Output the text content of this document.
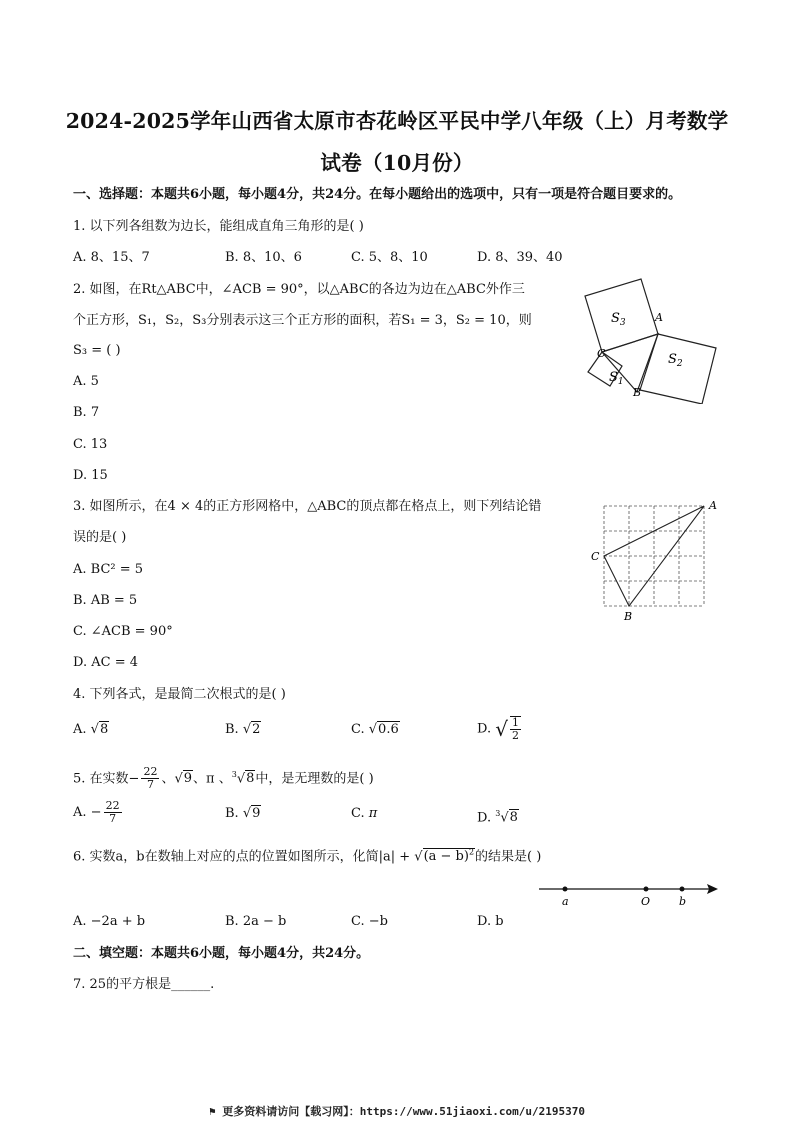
2024-2025学年山西省太原市杏花岭区平民中学八年级（上）月考数学
试卷（10月份）
一、选择题：本题共6小题，每小题4分，共24分。在每小题给出的选项中，只有一项是符合题目要求的。
1. 以下列各组数为边长，能组成直角三角形的是( )
A. 8、15、7	B. 8、10、6	C. 5、8、10	D. 8、39、40
2. 如图，在Rt△ABC中，∠ACB = 90°，以△ABC的各边为边在△ABC外作三
个正方形，S₁，S₂，S₃分别表示这三个正方形的面积，若S₁ = 3，S₂ = 10，则
S₃ = ( )
A. 5
B. 7
C. 13
D. 15
$S_3$
$S_1$
$S_2$
A
B
C
3. 如图所示，在4 × 4的正方形网格中，△ABC的顶点都在格点上，则下列结论错
误的是( )
A. BC² = 5
B. AB = 5
C. ∠ACB = 90°
D. AC = 4
A
B
C
4. 下列各式，是最简二次根式的是( )
A. √8	B. √2	C. √0.6	D. √ $\frac{1}{2}$
5. 在实数− $\frac{22}{7}$ 、√9、π 、$^3$√8中，是无理数的是( )
A. − $\frac{22}{7}$	B. √9	C. π	D. $^3$√8
6. 实数a，b在数轴上对应的点的位置如图所示，化简$|a| + √(a - b)^2$的结果是( )
a	O	b
A. −2a + b	B. 2a − b	C. −b	D. b
二、填空题：本题共6小题，每小题4分，共24分。
7. 25的平方根是______.
⚑ 更多资料请访问【载习网】：https://www.51jiaoxi.com/u/2195370
